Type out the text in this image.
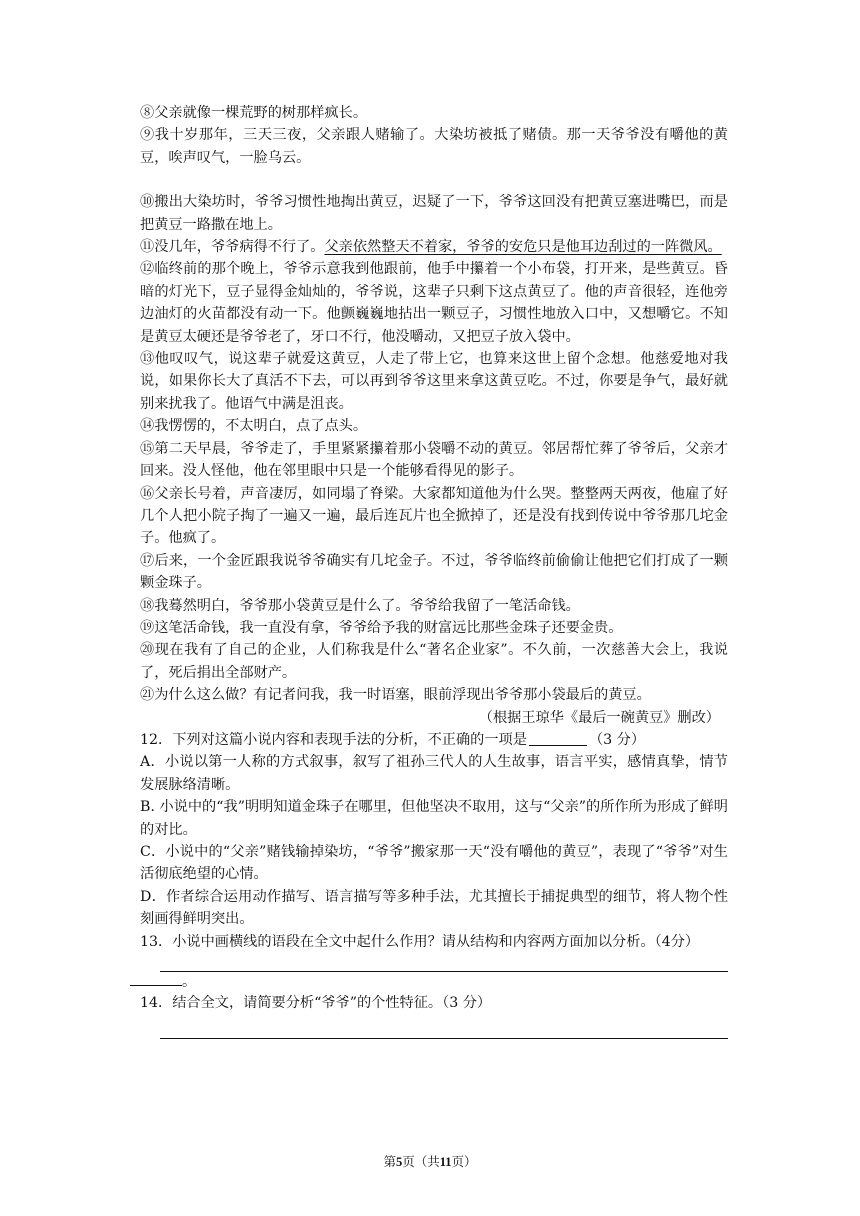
⑧父亲就像一棵荒野的树那样疯长。

⑨我十岁那年，三天三夜，父亲跟人赌输了。大染坊被抵了赌债。那一天爷爷没有嚼他的黄豆，唉声叹气，一脸乌云。

⑩搬出大染坊时，爷爷习惯性地掏出黄豆，迟疑了一下，爷爷这回没有把黄豆塞进嘴巴，而是把黄豆一路撒在地上。

⑪没几年，爷爷病得不行了。父亲依然整天不着家，爷爷的安危只是他耳边刮过的一阵微风。

⑫临终前的那个晚上，爷爷示意我到他跟前，他手中攥着一个小布袋，打开来，是些黄豆。昏暗的灯光下，豆子显得金灿灿的，爷爷说，这辈子只剩下这点黄豆了。他的声音很轻，连他旁边油灯的火苗都没有动一下。他颤巍巍地拈出一颗豆子，习惯性地放入口中，又想嚼它。不知是黄豆太硬还是爷爷老了，牙口不行，他没嚼动，又把豆子放入袋中。

⑬他叹叹气，说这辈子就爱这黄豆，人走了带上它，也算来这世上留个念想。他慈爱地对我说，如果你长大了真活不下去，可以再到爷爷这里来拿这黄豆吃。不过，你要是争气，最好就别来扰我了。他语气中满是沮丧。

⑭我愣愣的，不太明白，点了点头。

⑮第二天早晨，爷爷走了，手里紧紧攥着那小袋嚼不动的黄豆。邻居帮忙葬了爷爷后，父亲才回来。没人怪他，他在邻里眼中只是一个能够看得见的影子。

⑯父亲长号着，声音凄厉，如同塌了脊梁。大家都知道他为什么哭。整整两天两夜，他雇了好几个人把小院子掏了一遍又一遍，最后连瓦片也全掀掉了，还是没有找到传说中爷爷那几坨金子。他疯了。

⑰后来，一个金匠跟我说爷爷确实有几坨金子。不过，爷爷临终前偷偷让他把它们打成了一颗颗金珠子。

⑱我蓦然明白，爷爷那小袋黄豆是什么了。爷爷给我留了一笔活命钱。

⑲这笔活命钱，我一直没有拿，爷爷给予我的财富远比那些金珠子还要金贵。

⑳现在我有了自己的企业，人们称我是什么“著名企业家”。不久前，一次慈善大会上，我说了，死后捐出全部财产。

㉑为什么这么做？有记者问我，我一时语塞，眼前浮现出爷爷那小袋最后的黄豆。

（根据王琼华《最后一碗黄豆》删改）

12．下列对这篇小说内容和表现手法的分析，不正确的一项是	（3 分）

A．小说以第一人称的方式叙事，叙写了祖孙三代人的人生故事，语言平实，感情真挚，情节发展脉络清晰。

B. 小说中的“我”明明知道金珠子在哪里，但他坚决不取用，这与“父亲”的所作所为形成了鲜明的对比。

C．小说中的“父亲”赌钱输掉染坊，“爷爷”搬家那一天“没有嚼他的黄豆”，表现了“爷爷”对生活彻底绝望的心情。

D．作者综合运用动作描写、语言描写等多种手法，尤其擅长于捕捉典型的细节，将人物个性刻画得鲜明突出。

13．小说中画横线的语段在全文中起什么作用？请从结构和内容两方面加以分析。（4分）

。

14．结合全文，请简要分析“爷爷”的个性特征。（3 分）

第5页（共11页）
